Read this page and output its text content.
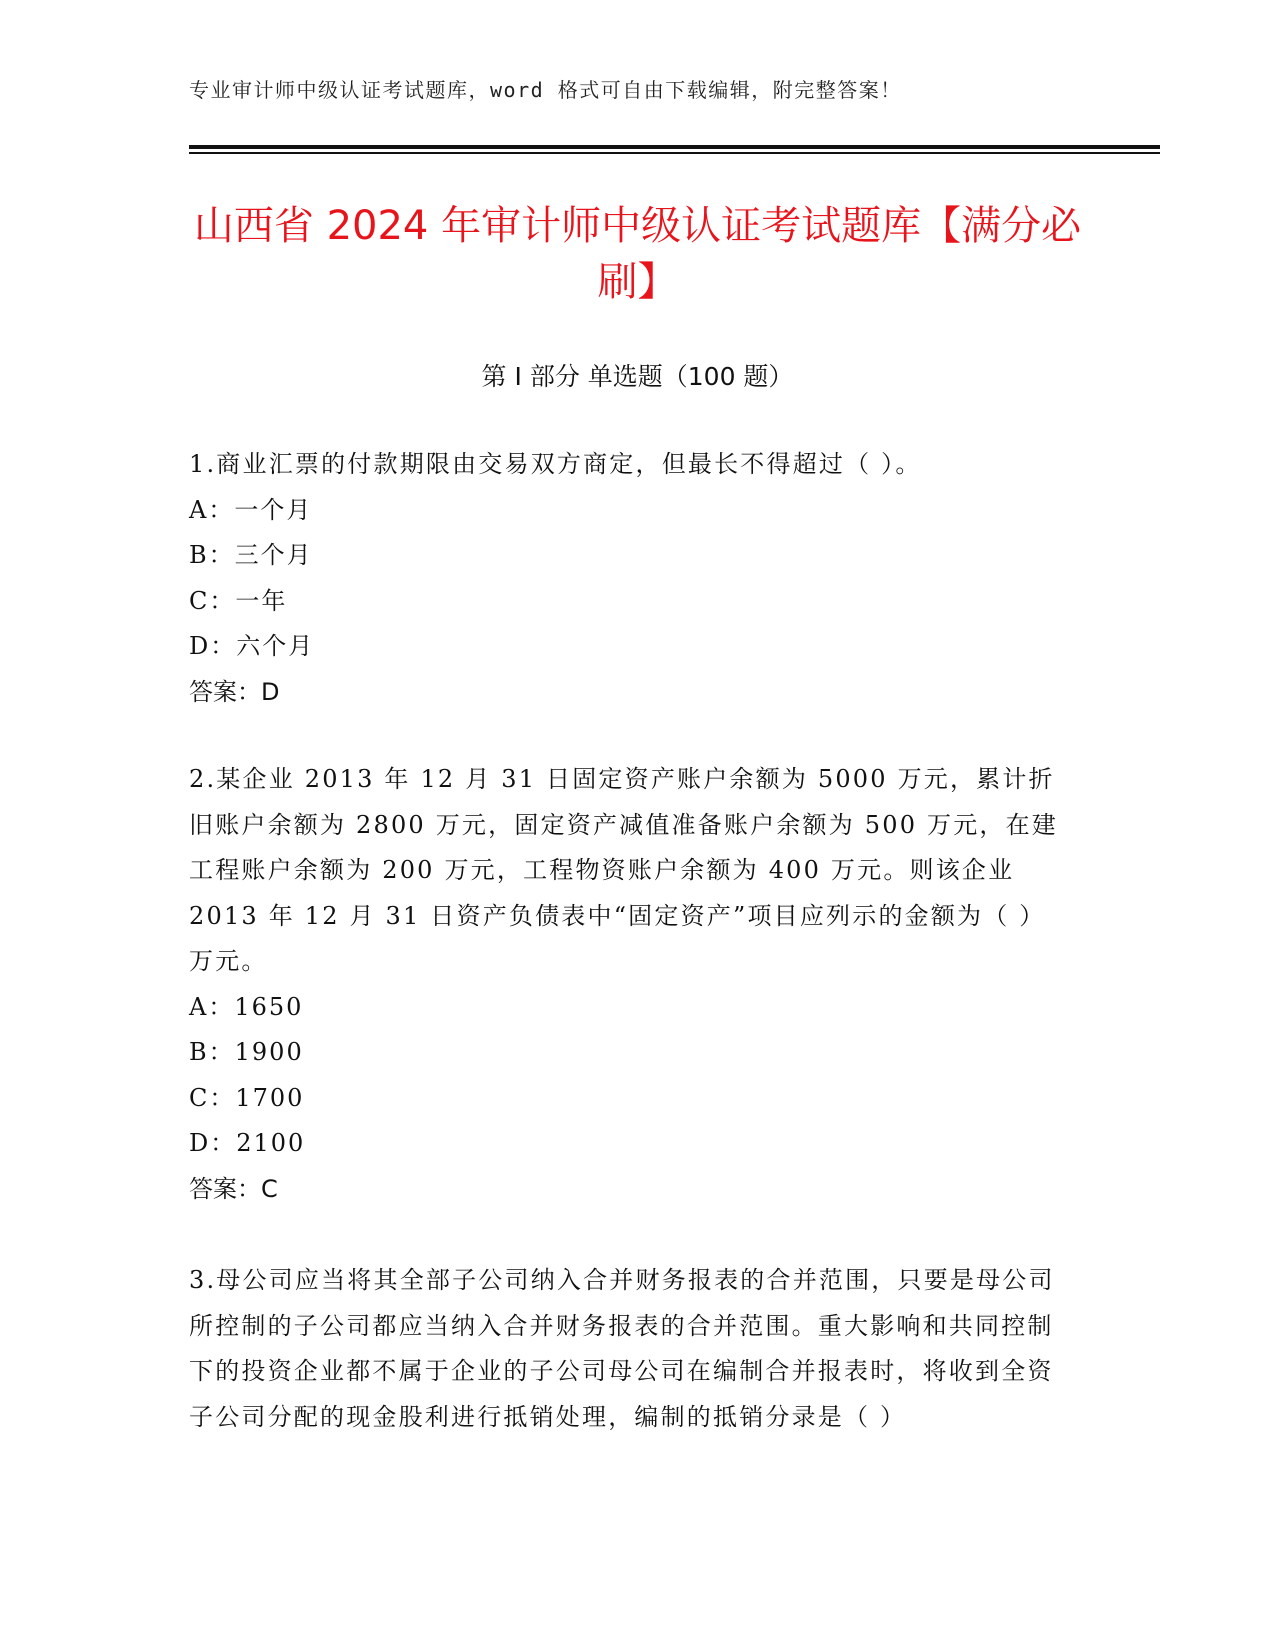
专业审计师中级认证考试题库，word 格式可自由下载编辑，附完整答案！
山西省 2024 年审计师中级认证考试题库【满分必刷】
第 I 部分 单选题（100 题）
1.商业汇票的付款期限由交易双方商定，但最长不得超过（ ）。
A：一个月
B：三个月
C：一年
D：六个月
答案：D
2.某企业 2013 年 12 月 31 日固定资产账户余额为 5000 万元，累计折旧账户余额为 2800 万元，固定资产减值准备账户余额为 500 万元，在建工程账户余额为 200 万元，工程物资账户余额为 400 万元。则该企业 2013 年 12 月 31 日资产负债表中“固定资产”项目应列示的金额为（ ）万元。
A：1650
B：1900
C：1700
D：2100
答案：C
3.母公司应当将其全部子公司纳入合并财务报表的合并范围，只要是母公司所控制的子公司都应当纳入合并财务报表的合并范围。重大影响和共同控制下的投资企业都不属于企业的子公司母公司在编制合并报表时，将收到全资子公司分配的现金股利进行抵销处理，编制的抵销分录是（ ）
